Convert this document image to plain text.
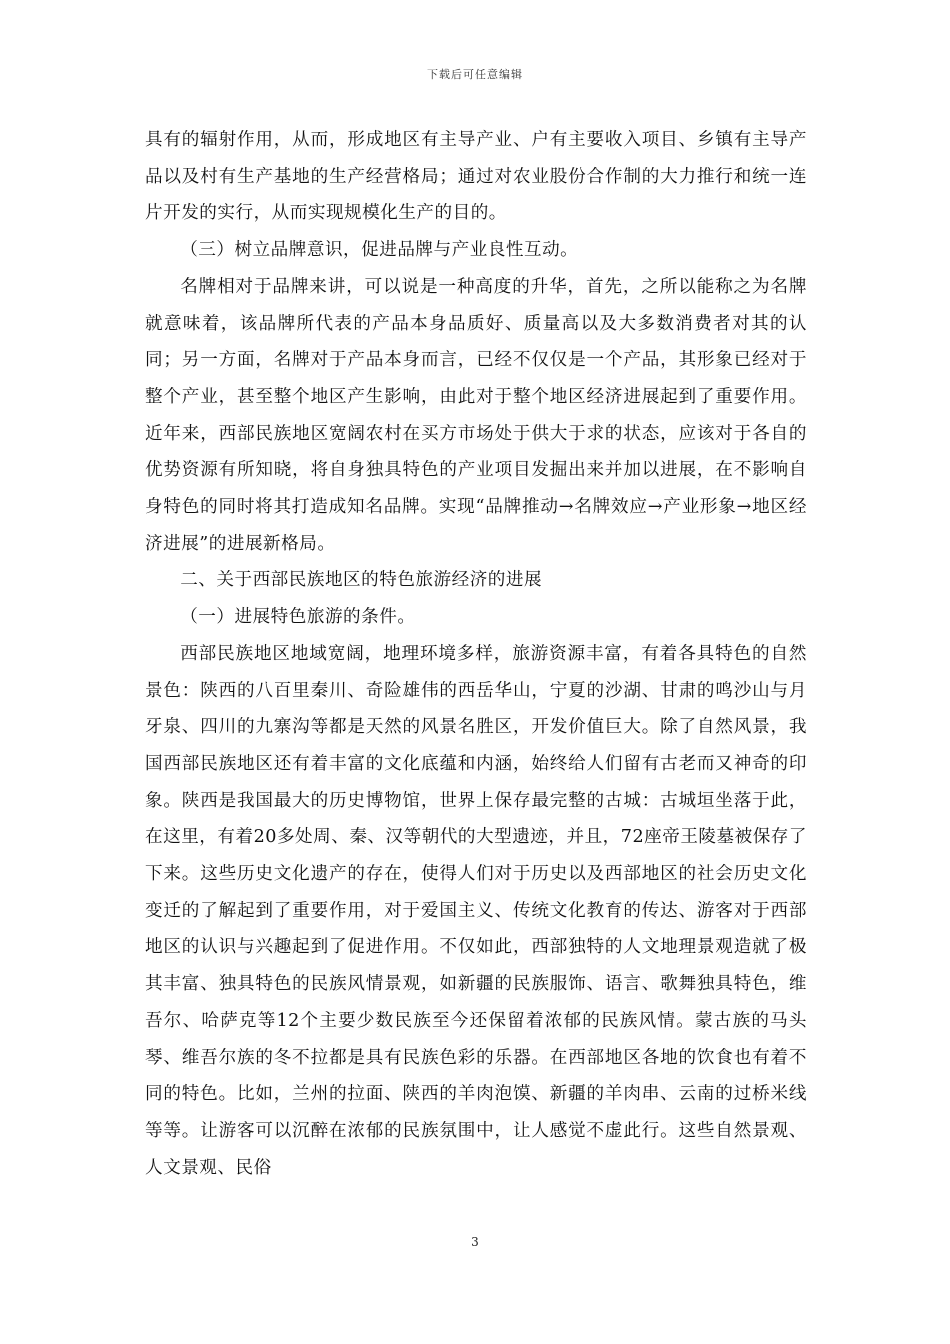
下载后可任意编辑

具有的辐射作用，从而，形成地区有主导产业、户有主要收入项目、乡镇有主导产品以及村有生产基地的生产经营格局；通过对农业股份合作制的大力推行和统一连片开发的实行，从而实现规模化生产的目的。

（三）树立品牌意识，促进品牌与产业良性互动。

名牌相对于品牌来讲，可以说是一种高度的升华，首先，之所以能称之为名牌就意味着，该品牌所代表的产品本身品质好、质量高以及大多数消费者对其的认同；另一方面，名牌对于产品本身而言，已经不仅仅是一个产品，其形象已经对于整个产业，甚至整个地区产生影响，由此对于整个地区经济进展起到了重要作用。近年来，西部民族地区宽阔农村在买方市场处于供大于求的状态，应该对于各自的优势资源有所知晓，将自身独具特色的产业项目发掘出来并加以进展，在不影响自身特色的同时将其打造成知名品牌。实现“品牌推动→名牌效应→产业形象→地区经济进展”的进展新格局。

二、关于西部民族地区的特色旅游经济的进展

（一）进展特色旅游的条件。

西部民族地区地域宽阔，地理环境多样，旅游资源丰富，有着各具特色的自然景色：陕西的八百里秦川、奇险雄伟的西岳华山，宁夏的沙湖、甘肃的鸣沙山与月牙泉、四川的九寨沟等都是天然的风景名胜区，开发价值巨大。除了自然风景，我国西部民族地区还有着丰富的文化底蕴和内涵，始终给人们留有古老而又神奇的印象。陕西是我国最大的历史博物馆，世界上保存最完整的古城：古城垣坐落于此，在这里，有着20多处周、秦、汉等朝代的大型遗迹，并且，72座帝王陵墓被保存了下来。这些历史文化遗产的存在，使得人们对于历史以及西部地区的社会历史文化变迁的了解起到了重要作用，对于爱国主义、传统文化教育的传达、游客对于西部地区的认识与兴趣起到了促进作用。不仅如此，西部独特的人文地理景观造就了极其丰富、独具特色的民族风情景观，如新疆的民族服饰、语言、歌舞独具特色，维吾尔、哈萨克等12个主要少数民族至今还保留着浓郁的民族风情。蒙古族的马头琴、维吾尔族的冬不拉都是具有民族色彩的乐器。在西部地区各地的饮食也有着不同的特色。比如，兰州的拉面、陕西的羊肉泡馍、新疆的羊肉串、云南的过桥米线等等。让游客可以沉醉在浓郁的民族氛围中，让人感觉不虚此行。这些自然景观、人文景观、民俗

3
